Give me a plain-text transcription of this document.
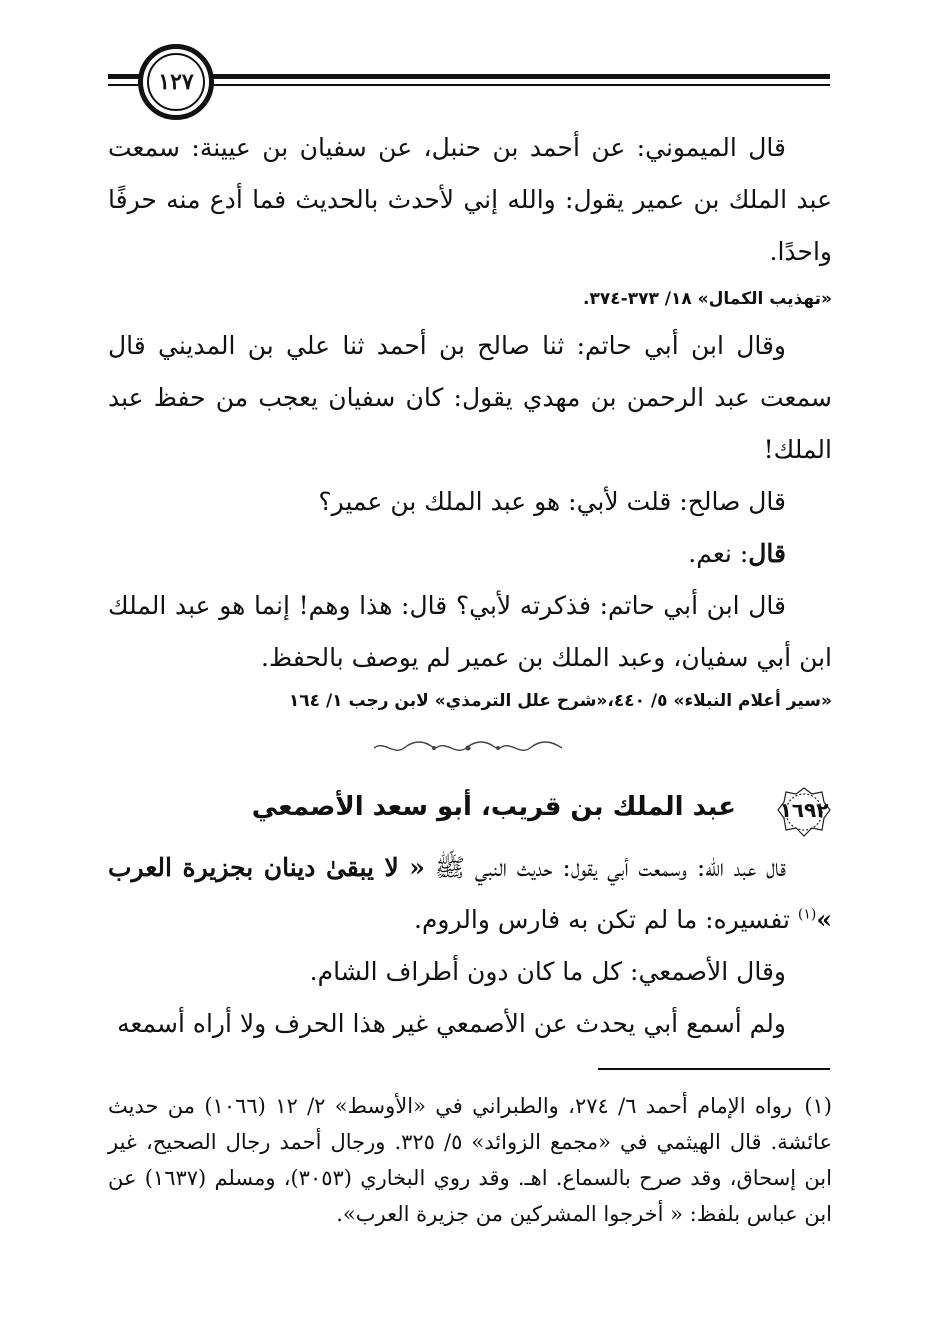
١٢٧
قال الميموني: عن أحمد بن حنبل، عن سفيان بن عيينة: سمعت عبد الملك بن عمير يقول: والله إني لأحدث بالحديث فما أدع منه حرفًا واحدًا.
«تهذيب الكمال» ١٨/ ٣٧٣-٣٧٤.
وقال ابن أبي حاتم: ثنا صالح بن أحمد ثنا علي بن المديني قال سمعت عبد الرحمن بن مهدي يقول: كان سفيان يعجب من حفظ عبد الملك!
قال صالح: قلت لأبي: هو عبد الملك بن عمير؟
قال: نعم.
قال ابن أبي حاتم: فذكرته لأبي؟ قال: هذا وهم! إنما هو عبد الملك ابن أبي سفيان، وعبد الملك بن عمير لم يوصف بالحفظ.
«سير أعلام النبلاء» ٥/ ٤٤٠،«شرح علل الترمذي» لابن رجب ١/ ١٦٤
١٦٩٢
عبد الملك بن قريب، أبو سعد الأصمعي
قال عبد الله: وسمعت أبي يقول: حديث النبي ﷺ « لا يبقىٰ دينان بجزيرة العرب »$^{(١)}$ تفسيره: ما لم تكن به فارس والروم.
وقال الأصمعي: كل ما كان دون أطراف الشام.
ولم أسمع أبي يحدث عن الأصمعي غير هذا الحرف ولا أراه أسمعه
(١)رواه الإمام أحمد ٦/ ٢٧٤، والطبراني في «الأوسط» ٢/ ١٢ (١٠٦٦) من حديث عائشة. قال الهيثمي في «مجمع الزوائد» ٥/ ٣٢٥. ورجال أحمد رجال الصحيح، غير ابن إسحاق، وقد صرح بالسماع. اهـ. وقد روي البخاري (٣٠٥٣)، ومسلم (١٦٣٧) عن ابن عباس بلفظ: « أخرجوا المشركين من جزيرة العرب».
